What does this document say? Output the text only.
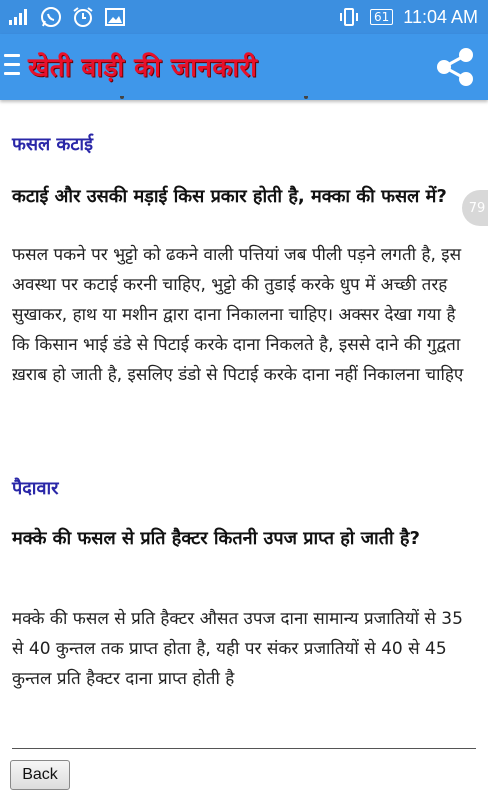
61 11:04 AM
खेती बाड़ी की जानकारी
फसल कटाई
कटाई और उसकी मड़ाई किस प्रकार होती है, मक्का की फसल में?
फसल पकने पर भुट्टो को ढकने वाली पत्तियां जब पीली पड़ने लगती है, इस अवस्था पर कटाई करनी चाहिए, भुट्टो की तुडाई करके धुप में अच्छी तरह सुखाकर, हाथ या मशीन द्वारा दाना निकालना चाहिए। अक्सर देखा गया है कि किसान भाई डंडे से पिटाई करके दाना निकलते है, इससे दाने की गुद्वता ख़राब हो जाती है, इसलिए डंडो से पिटाई करके दाना नहीं निकालना चाहिए
पैदावार
मक्के की फसल से प्रति हैक्टर कितनी उपज प्राप्त हो जाती है?
मक्के की फसल से प्रति हैक्टर औसत उपज दाना सामान्य प्रजातियों से 35 से 40 कुन्तल तक प्राप्त होता है, यही पर संकर प्रजातियों से 40 से 45 कुन्तल प्रति हैक्टर दाना प्राप्त होती है
79
Back
